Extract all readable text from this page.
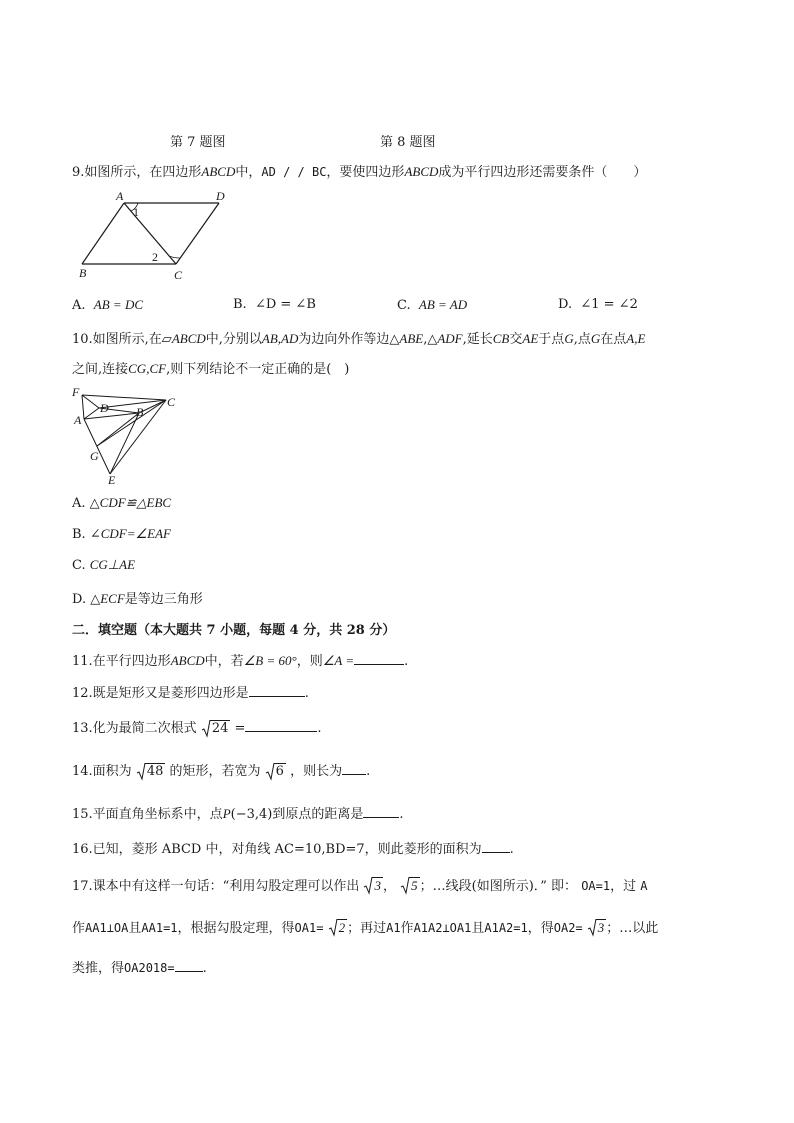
第 7 题图	第 8 题图
9.如图所示，在四边形ABCD中，AD / / BC，要使四边形ABCD成为平行四边形还需要条件（　　）
A	D
B	C
1
2
A. AB = DC	B. ∠D = ∠B	C. AB = AD	D. ∠1 = ∠2
10.如图所示,在▱ABCD中,分别以AB,AD为边向外作等边△ABE,△ADF,延长CB交AE于点G,点G在点A,E
之间,连接CG,CF,则下列结论不一定正确的是(　)
F
D	C
A
B
G
E
A. △CDF≌△EBC
B. ∠CDF=∠EAF
C. CG⊥AE
D. △ECF是等边三角形
二．填空题（本大题共 7 小题，每题 4 分，共 28 分）
11.在平行四边形ABCD中，若∠B = 60°，则∠A =	.
12.既是矩形又是菱形四边形是	.
13.化为最简二次根式 24 =	.
14.面积为 48 的矩形，若宽为 6 ，则长为 .
15.平面直角坐标系中，点P(−3,4)到原点的距离是	.
16.已知，菱形 ABCD 中，对角线 AC=10,BD=7，则此菱形的面积为 .
17.课本中有这样一句话：“利用勾股定理可以作出 3 ， 5 ；…线段(如图所示)．” 即： OA=1，过 A
作AA1⊥OA且AA1=1，根据勾股定理，得OA1= 2 ；再过A1作A1A2⊥OA1且A1A2=1，得OA2= 3 ；…以此
类推，得OA2018= .
